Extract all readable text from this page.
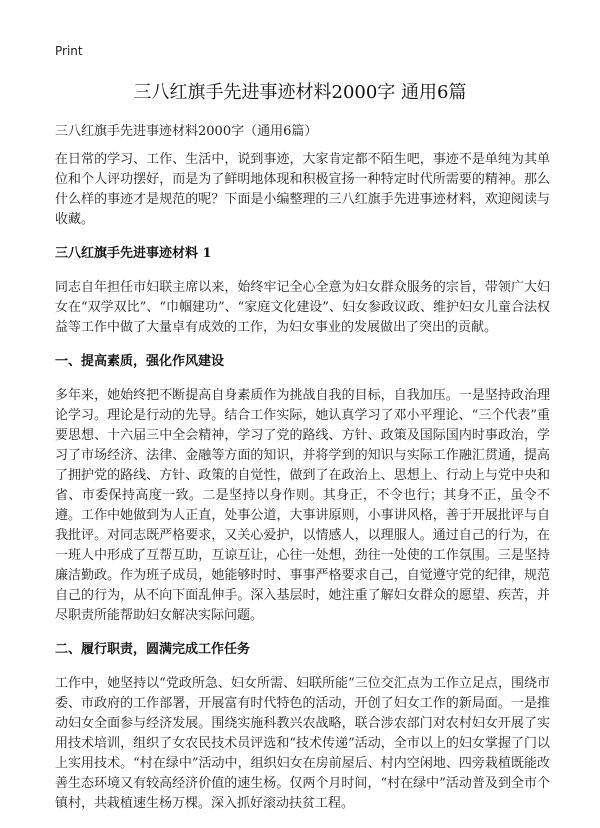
Print
三八红旗手先进事迹材料2000字 通用6篇
三八红旗手先进事迹材料2000字（通用6篇）

在日常的学习、工作、生活中，说到事迹，大家肯定都不陌生吧，事迹不是单纯为其单位和个人评功摆好，而是为了鲜明地体现和积极宣扬一种特定时代所需要的精神。那么什么样的事迹才是规范的呢？下面是小编整理的三八红旗手先进事迹材料，欢迎阅读与收藏。

三八红旗手先进事迹材料 1

同志自年担任市妇联主席以来，始终牢记全心全意为妇女群众服务的宗旨，带领广大妇女在“双学双比”、“巾帼建功”、“家庭文化建设”、妇女参政议政、维护妇女儿童合法权益等工作中做了大量卓有成效的工作，为妇女事业的发展做出了突出的贡献。

一、提高素质，强化作风建设

多年来，她始终把不断提高自身素质作为挑战自我的目标，自我加压。一是坚持政治理论学习。理论是行动的先导。结合工作实际，她认真学习了邓小平理论、“三个代表”重要思想、十六届三中全会精神，学习了党的路线、方针、政策及国际国内时事政治，学习了市场经济、法律、金融等方面的知识，并将学到的知识与实际工作融汇贯通，提高了拥护党的路线、方针、政策的自觉性，做到了在政治上、思想上、行动上与党中央和省、市委保持高度一致。二是坚持以身作则。其身正，不令也行；其身不正，虽令不遵。工作中她做到为人正直，处事公道，大事讲原则，小事讲风格，善于开展批评与自我批评。对同志既严格要求，又关心爱护，以情感人，以理服人。通过自己的行为，在一班人中形成了互帮互助，互谅互让，心往一处想，劲往一处使的工作氛围。三是坚持廉洁勤政。作为班子成员，她能够时时、事事严格要求自己，自觉遵守党的纪律，规范自己的行为，从不向下面乱伸手。深入基层时，她注重了解妇女群众的愿望、疾苦，并尽职责所能帮助妇女解决实际问题。

二、履行职责，圆满完成工作任务

工作中，她坚持以“党政所急、妇女所需、妇联所能”三位交汇点为工作立足点，围绕市委、市政府的工作部署，开展富有时代特色的活动，开创了妇女工作的新局面。一是推动妇女全面参与经济发展。围绕实施科教兴农战略，联合涉农部门对农村妇女开展了实用技术培训，组织了女农民技术员评选和“技术传递”活动，全市以上的妇女掌握了门以上实用技术。“村在绿中”活动中，组织妇女在房前屋后、村内空闲地、四旁栽植既能改善生态环境又有较高经济价值的速生杨。仅两个月时间，“村在绿中”活动普及到全市个镇村，共栽植速生杨万棵。深入抓好滚动扶贫工程。
